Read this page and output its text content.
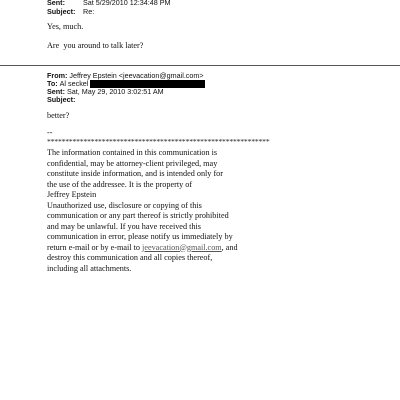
Sent:	Sat 5/29/2010 12:34:48 PM
Subject: Re:
Yes, much.
Are  you around to talk later?
From: Jeffrey Epstein <jeevacation@gmail.com>
To: Al seckel
Sent: Sat, May 29, 2010 3:02:51 AM
Subject:
better?
--
*************************************************************
The information contained in this communication is
confidential, may be attorney-client privileged, may
constitute inside information, and is intended only for
the use of the addressee. It is the property of
Jeffrey Epstein
Unauthorized use, disclosure or copying of this
communication or any part thereof is strictly prohibited
and may be unlawful. If you have received this
communication in error, please notify us immediately by
return e-mail or by e-mail to jeevacation@gmail.com, and
destroy this communication and all copies thereof,
including all attachments.
